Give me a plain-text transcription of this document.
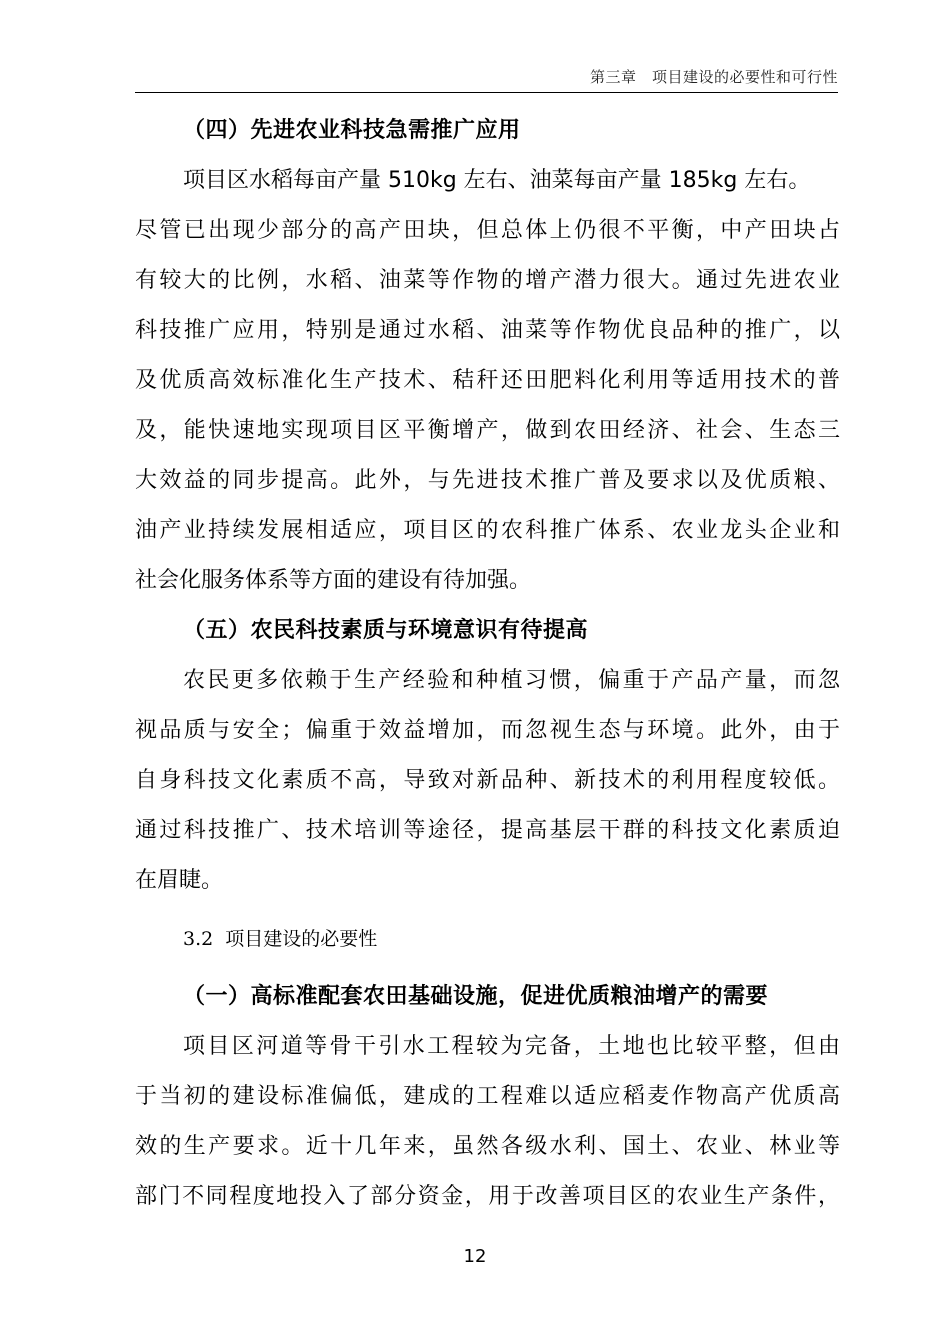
第三章　项目建设的必要性和可行性
（四）先进农业科技急需推广应用
项目区水稻每亩产量 510kg 左右、油菜每亩产量 185kg 左右。
尽管已出现少部分的高产田块，但总体上仍很不平衡，中产田块占
有较大的比例，水稻、油菜等作物的增产潜力很大。通过先进农业
科技推广应用，特别是通过水稻、油菜等作物优良品种的推广，以
及优质高效标准化生产技术、秸秆还田肥料化利用等适用技术的普
及，能快速地实现项目区平衡增产，做到农田经济、社会、生态三
大效益的同步提高。此外，与先进技术推广普及要求以及优质粮、
油产业持续发展相适应，项目区的农科推广体系、农业龙头企业和
社会化服务体系等方面的建设有待加强。
（五）农民科技素质与环境意识有待提高
农民更多依赖于生产经验和种植习惯，偏重于产品产量，而忽
视品质与安全；偏重于效益增加，而忽视生态与环境。此外，由于
自身科技文化素质不高，导致对新品种、新技术的利用程度较低。
通过科技推广、技术培训等途径，提高基层干群的科技文化素质迫
在眉睫。
3.2 项目建设的必要性
（一）高标准配套农田基础设施，促进优质粮油增产的需要
项目区河道等骨干引水工程较为完备，土地也比较平整，但由
于当初的建设标准偏低，建成的工程难以适应稻麦作物高产优质高
效的生产要求。近十几年来，虽然各级水利、国土、农业、林业等
部门不同程度地投入了部分资金，用于改善项目区的农业生产条件，
12
